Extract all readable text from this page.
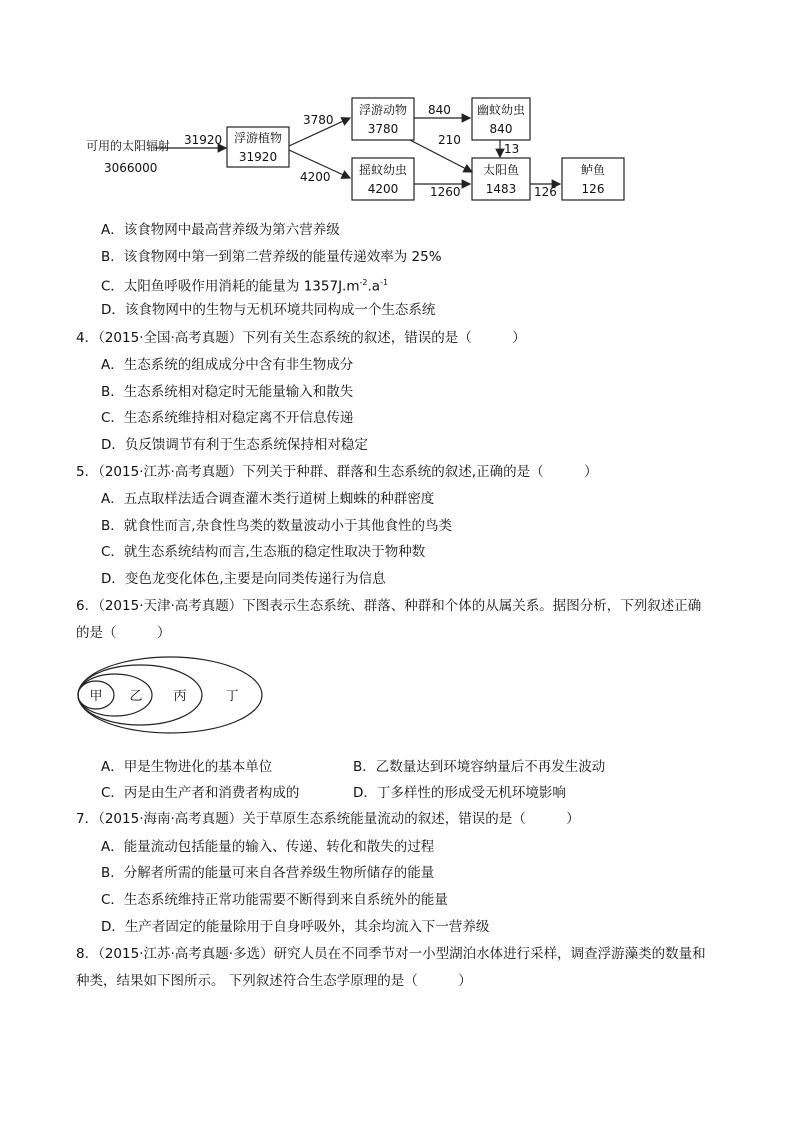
可用的太阳辐射
3066000
31920 浮游植物
31920
浮游动物
3780
摇蚊幼虫
4200
幽蚊幼虫
840
太阳鱼
1483
鲈鱼
126
3780
4200
840
210
13
1260	126
A．该食物网中最高营养级为第六营养级
B．该食物网中第一到第二营养级的能量传递效率为 25%
C．太阳鱼呼吸作用消耗的能量为 $1357J.m^{-2}.a^{-1}$
D．该食物网中的生物与无机环境共同构成一个生态系统
4．（2015·全国·高考真题）下列有关生态系统的叙述，错误的是（　　　）
A．生态系统的组成成分中含有非生物成分
B．生态系统相对稳定时无能量输入和散失
C．生态系统维持相对稳定离不开信息传递
D．负反馈调节有利于生态系统保持相对稳定
5．（2015·江苏·高考真题）下列关于种群、群落和生态系统的叙述,正确的是（　　　）
A．五点取样法适合调查灌木类行道树上蜘蛛的种群密度
B．就食性而言,杂食性鸟类的数量波动小于其他食性的鸟类
C．就生态系统结构而言,生态瓶的稳定性取决于物种数
D．变色龙变化体色,主要是向同类传递行为信息
6．（2015·天津·高考真题）下图表示生态系统、群落、种群和个体的从属关系。据图分析，下列叙述正确
的是（　　　）
甲 乙 丙	丁
A．甲是生物进化的基本单位	B．乙数量达到环境容纳量后不再发生波动
C．丙是由生产者和消费者构成的	D．丁多样性的形成受无机环境影响
7．（2015·海南·高考真题）关于草原生态系统能量流动的叙述，错误的是（　　　）
A．能量流动包括能量的输入、传递、转化和散失的过程
B．分解者所需的能量可来自各营养级生物所储存的能量
C．生态系统维持正常功能需要不断得到来自系统外的能量
D．生产者固定的能量除用于自身呼吸外，其余均流入下一营养级
8．（2015·江苏·高考真题·多选）研究人员在不同季节对一小型湖泊水体进行采样，调查浮游藻类的数量和
种类，结果如下图所示。 下列叙述符合生态学原理的是（　　　）
